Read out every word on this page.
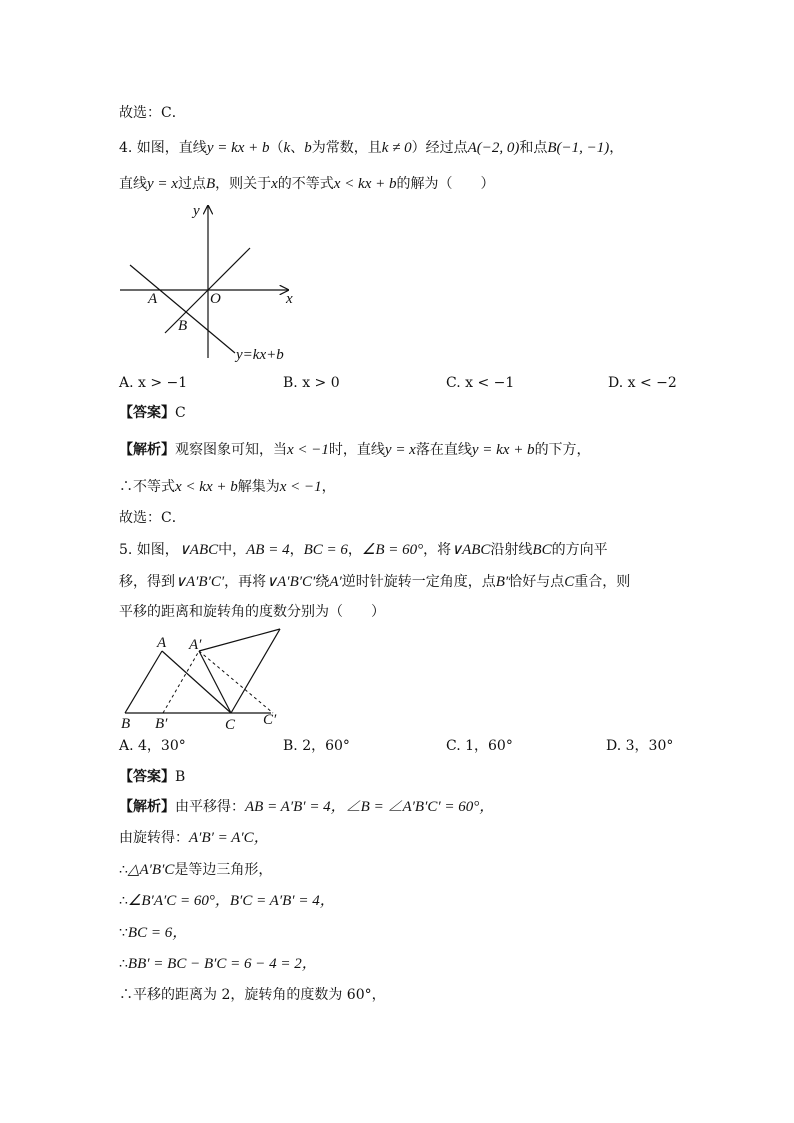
故选：C．
4. 如图，直线y = kx + b（k、b为常数，且k ≠ 0）经过点A(−2, 0)和点B(−1, −1)，
直线y = x过点B，则关于x的不等式x < kx + b的解为（　　）
y
x
O
A
B
y=kx+b
A. x > −1	B. x > 0	C. x < −1	D. x < −2
【答案】C
【解析】观察图象可知，当x < −1时，直线y = x落在直线y = kx + b的下方，
∴不等式x < kx + b解集为x < −1，
故选：C．
5. 如图，∨ABC中，AB = 4，BC = 6，∠B = 60°，将∨ABC沿射线BC的方向平
移，得到∨A′B′C′，再将∨A′B′C′绕A′逆时针旋转一定角度，点B′恰好与点C重合，则
平移的距离和旋转角的度数分别为（　　）
A A′
B B′	C C′
A. 4，30°	B. 2，60°	C. 1，60°	D. 3，30°
【答案】B
【解析】由平移得：AB = A′B′ = 4，∠B = ∠A′B′C′ = 60°，
由旋转得：A′B′ = A′C，
∴△A′B′C是等边三角形，
∴∠B′A′C = 60°，B′C = A′B′ = 4，
∵BC = 6，
∴BB′ = BC − B′C = 6 − 4 = 2，
∴平移的距离为 2，旋转角的度数为 60°，
